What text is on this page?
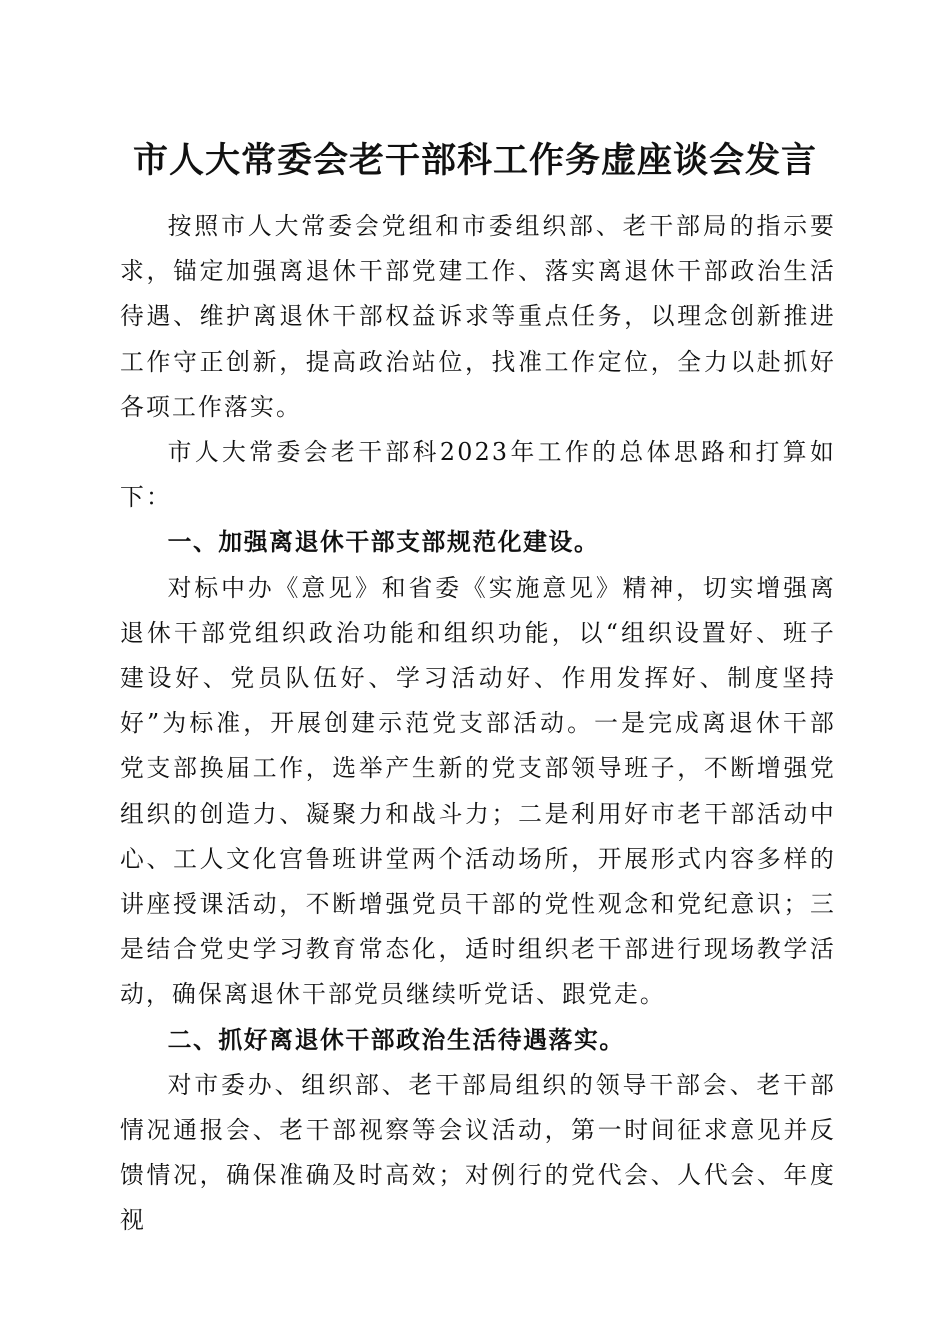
市人大常委会老干部科工作务虚座谈会发言

按照市人大常委会党组和市委组织部、老干部局的指示要求，锚定加强离退休干部党建工作、落实离退休干部政治生活待遇、维护离退休干部权益诉求等重点任务，以理念创新推进工作守正创新，提高政治站位，找准工作定位，全力以赴抓好各项工作落实。

市人大常委会老干部科2023年工作的总体思路和打算如下：

一、加强离退休干部支部规范化建设。

对标中办《意见》和省委《实施意见》精神，切实增强离退休干部党组织政治功能和组织功能，以“组织设置好、班子建设好、党员队伍好、学习活动好、作用发挥好、制度坚持好”为标准，开展创建示范党支部活动。一是完成离退休干部党支部换届工作，选举产生新的党支部领导班子，不断增强党组织的创造力、凝聚力和战斗力；二是利用好市老干部活动中心、工人文化宫鲁班讲堂两个活动场所，开展形式内容多样的讲座授课活动，不断增强党员干部的党性观念和党纪意识；三是结合党史学习教育常态化，适时组织老干部进行现场教学活动，确保离退休干部党员继续听党话、跟党走。

二、抓好离退休干部政治生活待遇落实。

对市委办、组织部、老干部局组织的领导干部会、老干部情况通报会、老干部视察等会议活动，第一时间征求意见并反馈情况，确保准确及时高效；对例行的党代会、人代会、年度视
